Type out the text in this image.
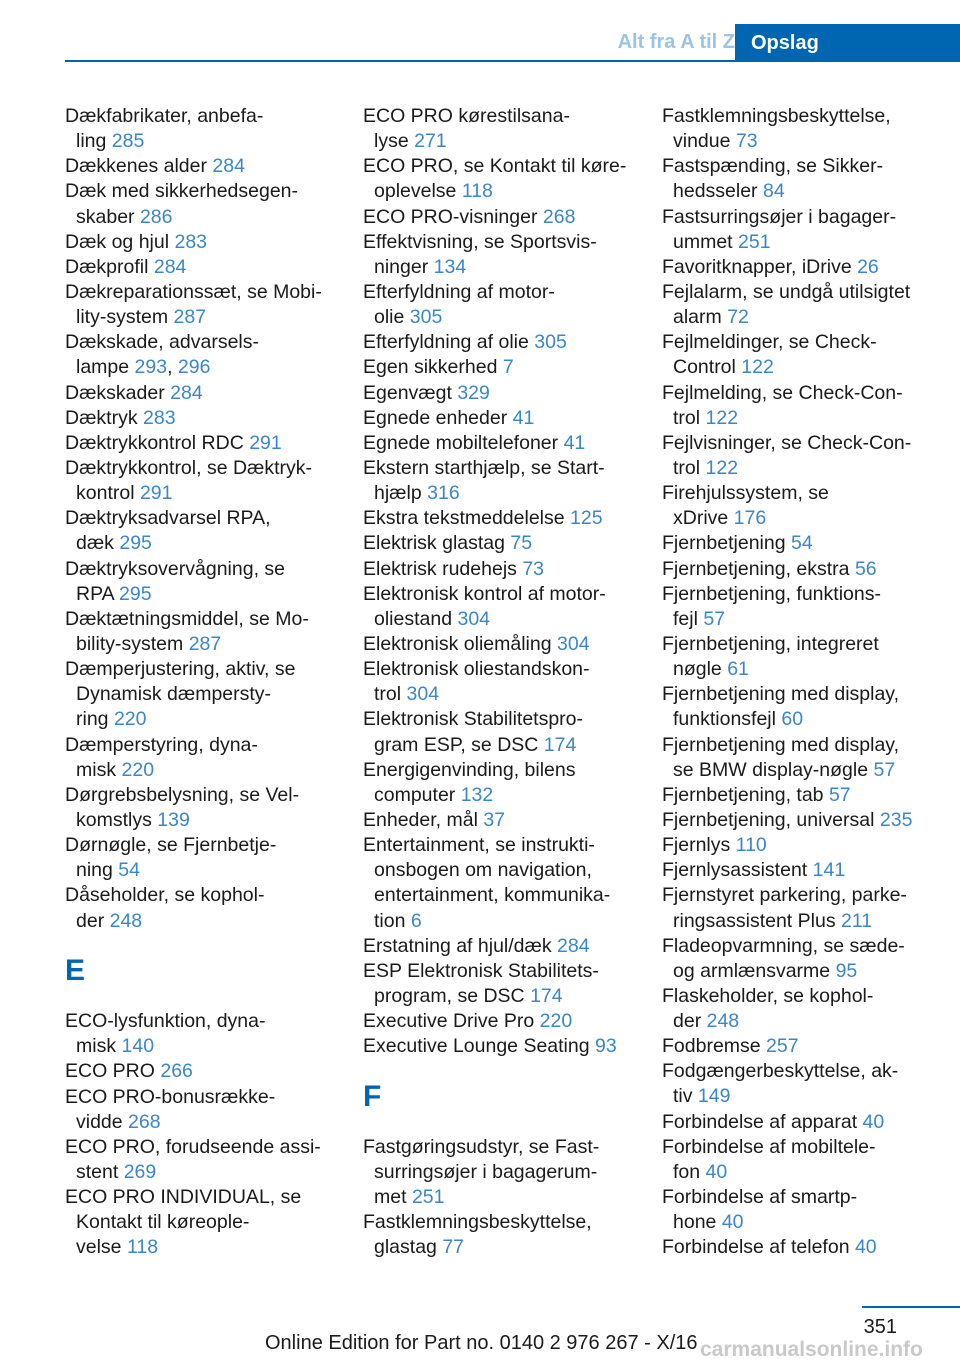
Alt fra A til Z Opslag
Dækfabrikater, anbefa-
ling 285
Dækkenes alder 284
Dæk med sikkerhedsegen-
skaber 286
Dæk og hjul 283
Dækprofil 284
Dækreparationssæt, se Mobi-
lity-system 287
Dækskade, advarsels-
lampe 293, 296
Dækskader 284
Dæktryk 283
Dæktrykkontrol RDC 291
Dæktrykkontrol, se Dæktryk-
kontrol 291
Dæktryksadvarsel RPA,
dæk 295
Dæktryksovervågning, se
RPA 295
Dæktætningsmiddel, se Mo-
bility-system 287
Dæmperjustering, aktiv, se
Dynamisk dæmpersty-
ring 220
Dæmperstyring, dyna-
misk 220
Dørgrebsbelysning, se Vel-
komstlys 139
Dørnøgle, se Fjernbetje-
ning 54
Dåseholder, se kophol-
der 248
E
ECO-lysfunktion, dyna-
misk 140
ECO PRO 266
ECO PRO-bonusrække-
vidde 268
ECO PRO, forudseende assi-
stent 269
ECO PRO INDIVIDUAL, se
Kontakt til køreople-
velse 118
ECO PRO kørestilsana-
lyse 271
ECO PRO, se Kontakt til køre-
oplevelse 118
ECO PRO-visninger 268
Effektvisning, se Sportsvis-
ninger 134
Efterfyldning af motor-
olie 305
Efterfyldning af olie 305
Egen sikkerhed 7
Egenvægt 329
Egnede enheder 41
Egnede mobiltelefoner 41
Ekstern starthjælp, se Start-
hjælp 316
Ekstra tekstmeddelelse 125
Elektrisk glastag 75
Elektrisk rudehejs 73
Elektronisk kontrol af motor-
oliestand 304
Elektronisk oliemåling 304
Elektronisk oliestandskon-
trol 304
Elektronisk Stabilitetspro-
gram ESP, se DSC 174
Energigenvinding, bilens
computer 132
Enheder, mål 37
Entertainment, se instrukti-
onsbogen om navigation,
entertainment, kommunika-
tion 6
Erstatning af hjul/dæk 284
ESP Elektronisk Stabilitets-
program, se DSC 174
Executive Drive Pro 220
Executive Lounge Seating 93
F
Fastgøringsudstyr, se Fast-
surringsøjer i bagagerum-
met 251
Fastklemningsbeskyttelse,
glastag 77
Fastklemningsbeskyttelse,
vindue 73
Fastspænding, se Sikker-
hedsseler 84
Fastsurringsøjer i bagager-
ummet 251
Favoritknapper, iDrive 26
Fejlalarm, se undgå utilsigtet
alarm 72
Fejlmeldinger, se Check-
Control 122
Fejlmelding, se Check-Con-
trol 122
Fejlvisninger, se Check-Con-
trol 122
Firehjulssystem, se
xDrive 176
Fjernbetjening 54
Fjernbetjening, ekstra 56
Fjernbetjening, funktions-
fejl 57
Fjernbetjening, integreret
nøgle 61
Fjernbetjening med display,
funktionsfejl 60
Fjernbetjening med display,
se BMW display-nøgle 57
Fjernbetjening, tab 57
Fjernbetjening, universal 235
Fjernlys 110
Fjernlysassistent 141
Fjernstyret parkering, parke-
ringsassistent Plus 211
Fladeopvarmning, se sæde-
og armlænsvarme 95
Flaskeholder, se kophol-
der 248
Fodbremse 257
Fodgængerbeskyttelse, ak-
tiv 149
Forbindelse af apparat 40
Forbindelse af mobiltele-
fon 40
Forbindelse af smartp-
hone 40
Forbindelse af telefon 40
351
Online Edition for Part no. 0140 2 976 267 - X/16 carmanualsonline.info
